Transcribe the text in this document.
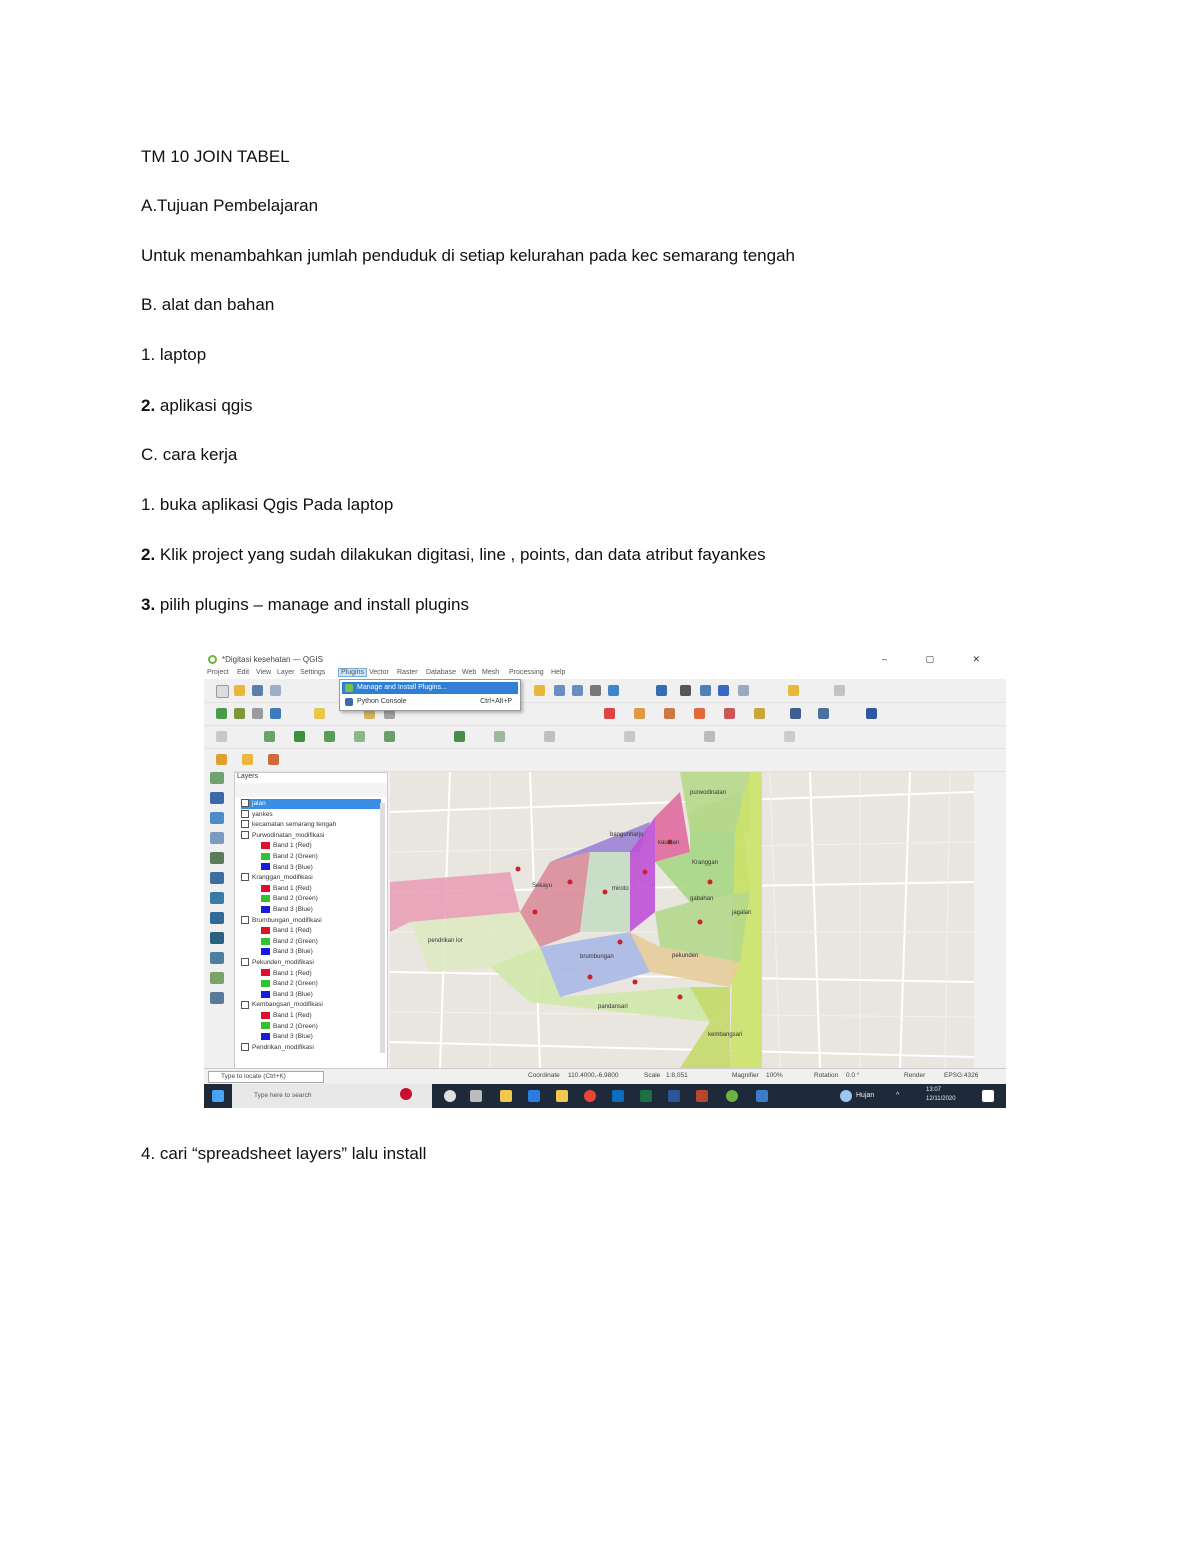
TM 10 JOIN TABEL
A.Tujuan Pembelajaran
Untuk menambahkan jumlah penduduk di setiap kelurahan pada kec semarang tengah
B. alat dan bahan
1. laptop
2. aplikasi qgis
C. cara kerja
1. buka aplikasi Qgis Pada laptop
2. Klik project yang sudah dilakukan digitasi, line , points, dan data atribut fayankes
3. pilih plugins – manage and install plugins
4. cari “spreadsheet layers” lalu install
*Digitasi kesehatan — QGIS	– ▢ ✕
Project Edit View Layer Settings	Plugins Vector Raster Database Web Mesh Processing Help
Manage and Install Plugins...
Python Console	Ctrl+Alt+P
Layers
jalan
yankes
kecamatan semarang tengah
Purwodinatan_modifikasi
Band 1 (Red)
Band 2 (Green)
Band 3 (Blue)
Kranggan_modifikasi
Band 1 (Red)
Band 2 (Green)
Band 3 (Blue)
Brumbungan_modifikasi
Band 1 (Red)
Band 2 (Green)
Band 3 (Blue)
Pekunden_modifikasi
Band 1 (Red)
Band 2 (Green)
Band 3 (Blue)
Kembangsari_modifikasi
Band 1 (Red)
Band 2 (Green)
Band 3 (Blue)
Pendrikan_modifikasi
purwodinatan
kauman
bangunharjo
Kranggan
Sekayu	miroto
gabahan
jagalan
brumbungan	pekunden
kembangsari
pandansari
pendrikan lor
Type to locate (Ctrl+K)	Coordinate 110.4000,-6.9800	Scale 1:8,051	Magnifier 100%	Rotation 0.0 °	Render	EPSG:4326
Type here to search	Hujan	^
13:07
12/11/2020
